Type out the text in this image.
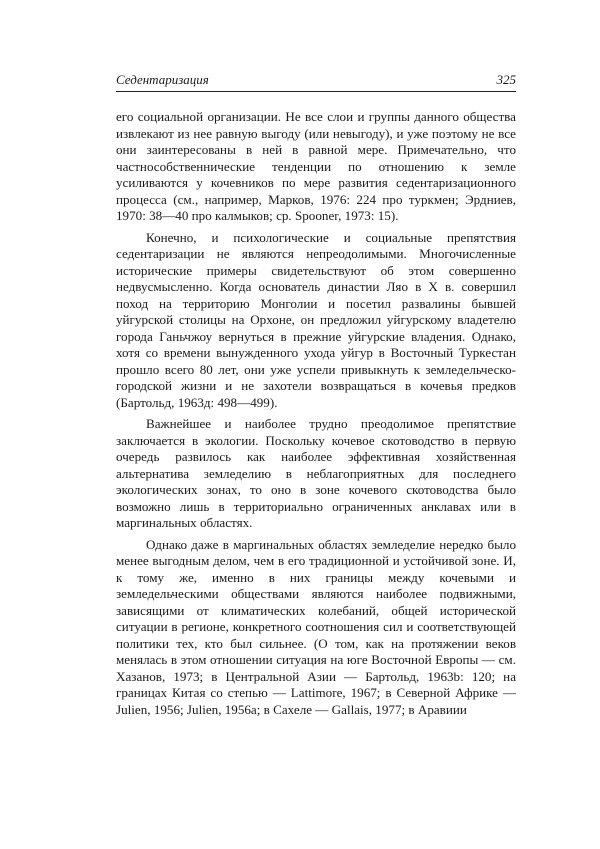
Седентаризация	325

его социальной организации. Не все слои и группы данного общества извлекают из нее равную выгоду (или невыгоду), и уже поэтому не все они заинтересованы в ней в равной мере. Примечательно, что частнособственнические тенденции по отношению к земле усиливаются у кочевников по мере развития седентаризационного процесса (см., например, Марков, 1976: 224 про туркмен; Эрдниев, 1970: 38—40 про калмыков; ср. Spooner, 1973: 15).

Конечно, и психологические и социальные препятствия седентаризации не являются непреодолимыми. Многочисленные исторические примеры свидетельствуют об этом совершенно недвусмысленно. Когда основатель династии Ляо в X в. совершил поход на территорию Монголии и посетил развалины бывшей уйгурской столицы на Орхоне, он предложил уйгурскому владетелю города Ганьчжоу вернуться в прежние уйгурские владения. Однако, хотя со времени вынужденного ухода уйгур в Восточный Туркестан прошло всего 80 лет, они уже успели привыкнуть к земледельческо-городской жизни и не захотели возвращаться в кочевья предков (Бартольд, 1963д: 498—499).

Важнейшее и наиболее трудно преодолимое препятствие заключается в экологии. Поскольку кочевое скотоводство в первую очередь развилось как наиболее эффективная хозяйственная альтернатива земледелию в неблагоприятных для последнего экологических зонах, то оно в зоне кочевого скотоводства было возможно лишь в территориально ограниченных анклавах или в маргинальных областях.

Однако даже в маргинальных областях земледелие нередко было менее выгодным делом, чем в его традиционной и устойчивой зоне. И, к тому же, именно в них границы между кочевыми и земледельческими обществами являются наиболее подвижными, зависящими от климатических колебаний, общей исторической ситуации в регионе, конкретного соотношения сил и соответствующей политики тех, кто был сильнее. (О том, как на протяжении веков менялась в этом отношении ситуация на юге Восточной Европы — см. Хазанов, 1973; в Центральной Азии — Бартольд, 1963b: 120; на границах Китая со степью — Lattimore, 1967; в Северной Африке — Julien, 1956; Julien, 1956a; в Сахеле — Gallais, 1977; в Аравиии
